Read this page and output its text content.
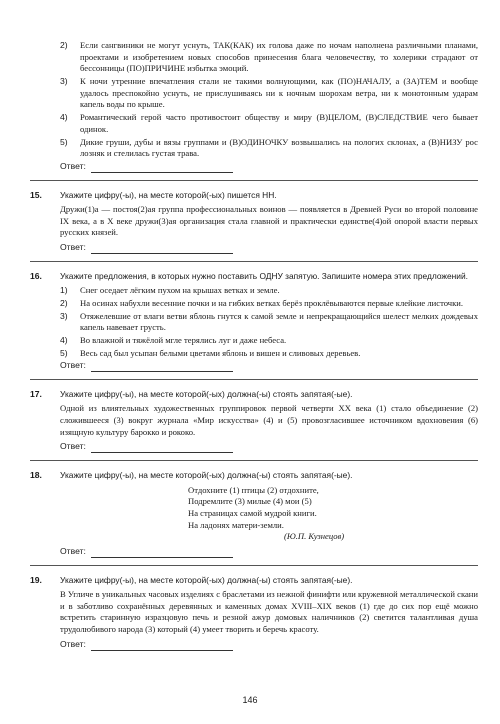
2)	Если сангвиники не могут уснуть, ТАК(КАК) их голова даже по ночам наполнена различными планами, проектами и изобретением новых способов принесения блага человечеству, то холерики страдают от бессонницы (ПО)ПРИЧИНЕ избытка эмоций.
3)	К ночи утренние впечатления стали не такими волнующими, как (ПО)НАЧАЛУ, а (ЗА)ТЕМ и вообще удалось преспокойно уснуть, не прислушиваясь ни к ночным шорохам ветра, ни к монотонным ударам капель воды по крыше.
4)	Романтический герой часто противостоит обществу и миру (В)ЦЕЛОМ, (В)СЛЕДСТВИЕ чего бывает одинок.
5)	Дикие груши, дубы и вязы группами и (В)ОДИНОЧКУ возвышались на пологих склонах, а (В)НИЗУ рос лозняк и стелилась густая трава.
Ответ:
15.	Укажите цифру(-ы), на месте которой(-ых) пишется НН.
Дружи(1)а — постоя(2)ая группа профессиональных воинов — появляется в Древней Руси во второй половине IX века, а в X веке дружи(3)ая организация стала главной и практически единстве(4)ой опорой власти первых русских князей.
Ответ:
16.	Укажите предложения, в которых нужно поставить ОДНУ запятую. Запишите номера этих предложений.
1)	Снег оседает лёгким пухом на крышах ветках и земле.
2)	На осинах набухли весенние почки и на гибких ветках берёз проклёвываются первые клейкие листочки.
3)	Отяжелевшие от влаги ветви яблонь гнутся к самой земле и непрекращающийся шелест мелких дождевых капель навевает грусть.
4)	Во влажной и тяжёлой мгле терялись луг и даже небеса.
5)	Весь сад был усыпан белыми цветами яблонь и вишен и сливовых деревьев.
Ответ:
17.	Укажите цифру(-ы), на месте которой(-ых) должна(-ы) стоять запятая(-ые).
Одной из влиятельных художественных группировок первой четверти XX века (1) стало объединение (2) сложившееся (3) вокруг журнала «Мир искусства» (4) и (5) провозгласившее источником вдохновения (6) изящную культуру барокко и рококо.
Ответ:
18.	Укажите цифру(-ы), на месте которой(-ых) должна(-ы) стоять запятая(-ые).
Отдохните (1) птицы (2) отдохните,
Подремлите (3) милые (4) мои (5)
На страницах самой мудрой книги.
На ладонях матери-земли.
(Ю.П. Кузнецов)
Ответ:
19.	Укажите цифру(-ы), на месте которой(-ых) должна(-ы) стоять запятая(-ые).
В Угличе в уникальных часовых изделиях с браслетами из нежной финифти или кружевной металлической скани и в заботливо сохранённых деревянных и каменных домах XVIII–XIX веков (1) где до сих пор ещё можно встретить старинную изразцовую печь и резной ажур домовых наличников (2) светится талантливая душа трудолюбивого народа (3) который (4) умеет творить и беречь красоту.
Ответ:
146
